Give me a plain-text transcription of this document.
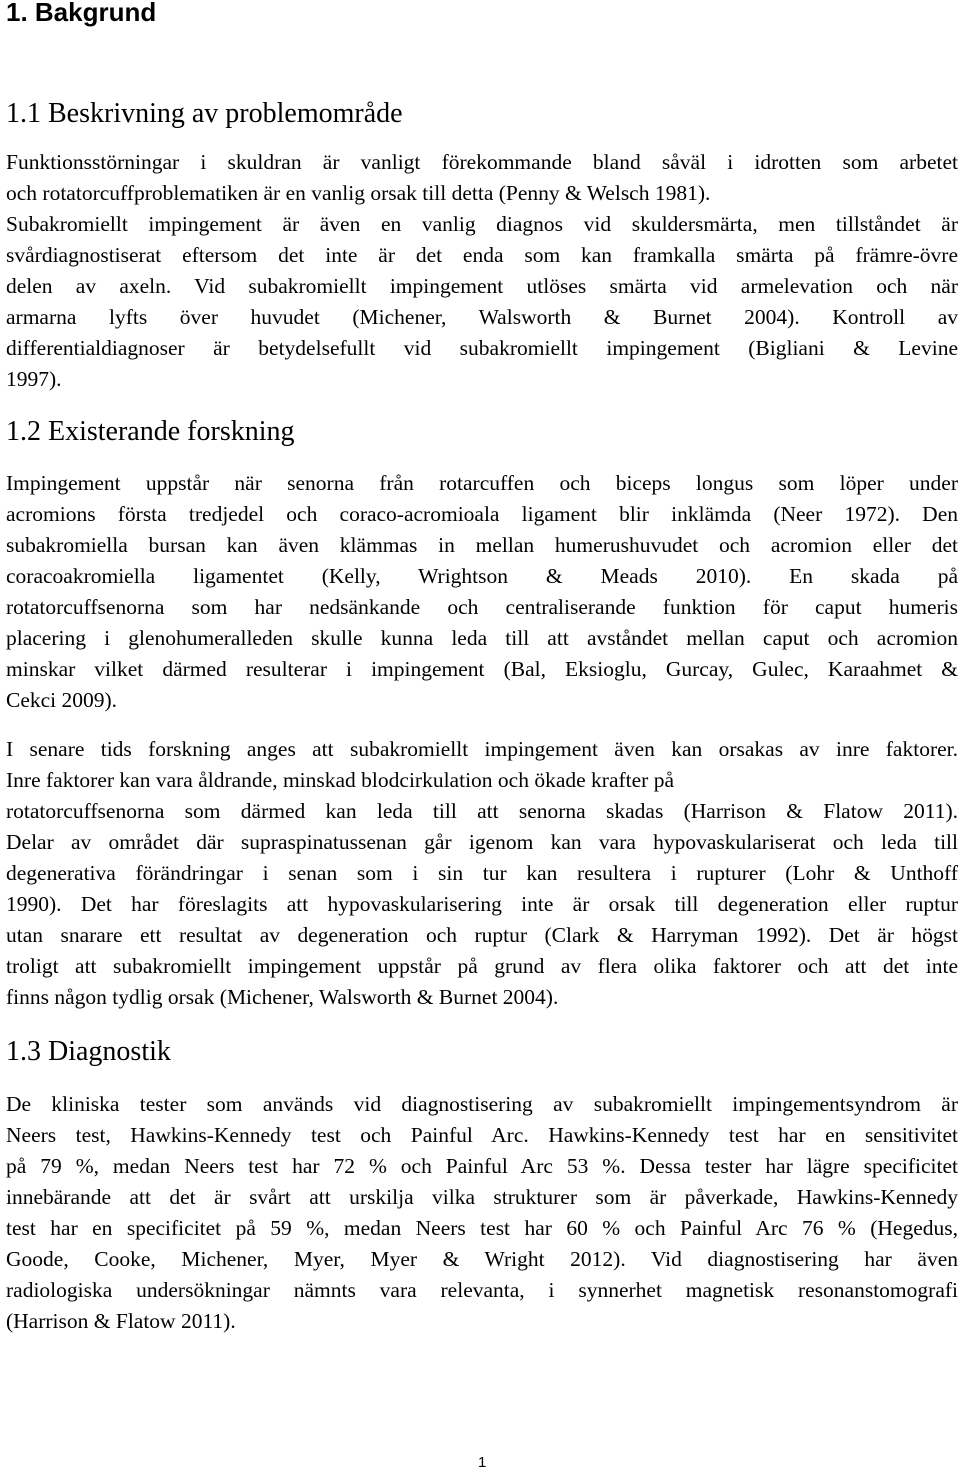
1. Bakgrund
1.1 Beskrivning av problemområde
Funktionsstörningar i skuldran är vanligt förekommande bland såväl i idrotten som arbetet
och rotatorcuffproblematiken är en vanlig orsak till detta (Penny & Welsch 1981).
Subakromiellt impingement är även en vanlig diagnos vid skuldersmärta, men tillståndet är
svårdiagnostiserat eftersom det inte är det enda som kan framkalla smärta på främre-övre
delen av axeln. Vid subakromiellt impingement utlöses smärta vid armelevation och när
armarna lyfts över huvudet (Michener, Walsworth & Burnet 2004). Kontroll av
differentialdiagnoser är betydelsefullt vid subakromiellt impingement (Bigliani & Levine
1997).
1.2 Existerande forskning
Impingement uppstår när senorna från rotarcuffen och biceps longus som löper under
acromions första tredjedel och coraco-acromioala ligament blir inklämda (Neer 1972). Den
subakromiella bursan kan även klämmas in mellan humerushuvudet och acromion eller det
coracoakromiella ligamentet (Kelly, Wrightson & Meads 2010). En skada på
rotatorcuffsenorna som har nedsänkande och centraliserande funktion för caput humeris
placering i glenohumeralleden skulle kunna leda till att avståndet mellan caput och acromion
minskar vilket därmed resulterar i impingement (Bal, Eksioglu, Gurcay, Gulec, Karaahmet &
Cekci 2009).
I senare tids forskning anges att subakromiellt impingement även kan orsakas av inre faktorer.
Inre faktorer kan vara åldrande, minskad blodcirkulation och ökade krafter på
rotatorcuffsenorna som därmed kan leda till att senorna skadas (Harrison & Flatow 2011).
Delar av området där supraspinatussenan går igenom kan vara hypovaskulariserat och leda till
degenerativa förändringar i senan som i sin tur kan resultera i rupturer (Lohr & Unthoff
1990). Det har föreslagits att hypovaskularisering inte är orsak till degeneration eller ruptur
utan snarare ett resultat av degeneration och ruptur (Clark & Harryman 1992). Det är högst
troligt att subakromiellt impingement uppstår på grund av flera olika faktorer och att det inte
finns någon tydlig orsak (Michener, Walsworth & Burnet 2004).
1.3 Diagnostik
De kliniska tester som används vid diagnostisering av subakromiellt impingementsyndrom är
Neers test, Hawkins-Kennedy test och Painful Arc. Hawkins-Kennedy test har en sensitivitet
på 79 %, medan Neers test har 72 % och Painful Arc 53 %. Dessa tester har lägre specificitet
innebärande att det är svårt att urskilja vilka strukturer som är påverkade, Hawkins-Kennedy
test har en specificitet på 59 %, medan Neers test har 60 % och Painful Arc 76 % (Hegedus,
Goode, Cooke, Michener, Myer, Myer & Wright 2012). Vid diagnostisering har även
radiologiska undersökningar nämnts vara relevanta, i synnerhet magnetisk resonanstomografi
(Harrison & Flatow 2011).
1
